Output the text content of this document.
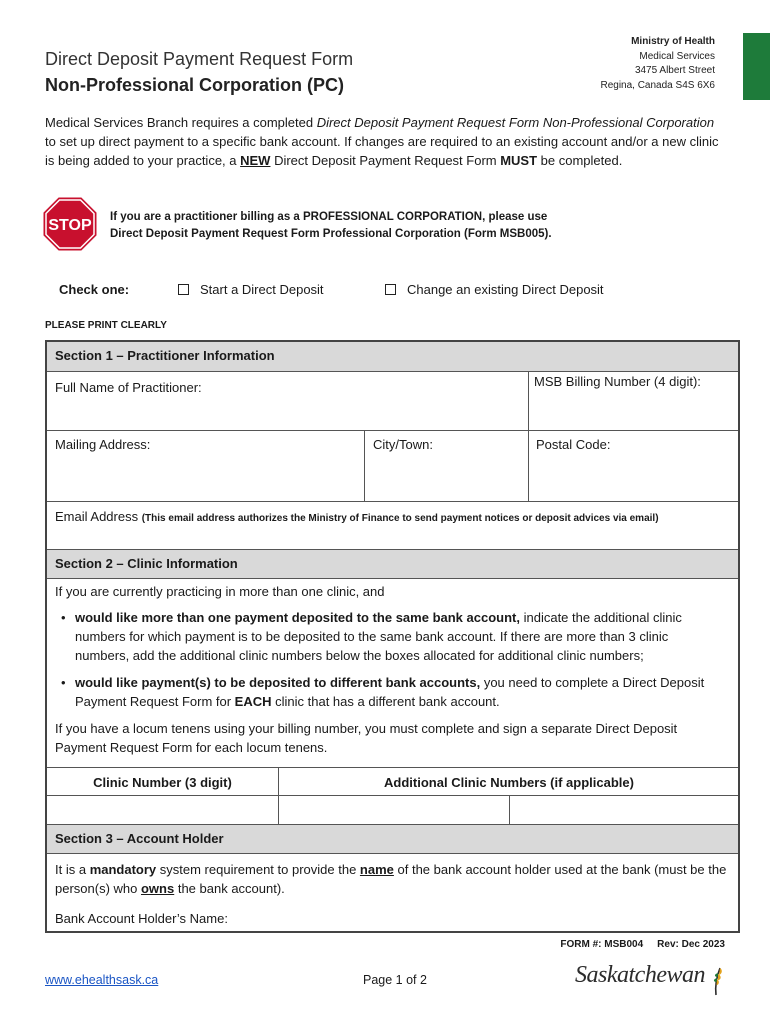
Direct Deposit Payment Request Form
Non-Professional Corporation (PC)
Ministry of Health
Medical Services
3475 Albert Street
Regina, Canada S4S 6X6
Medical Services Branch requires a completed Direct Deposit Payment Request Form Non-Professional Corporation to set up direct payment to a specific bank account. If changes are required to an existing account and/or a new clinic is being added to your practice, a NEW Direct Deposit Payment Request Form MUST be completed.
STOP If you are a practitioner billing as a PROFESSIONAL CORPORATION, please use
Direct Deposit Payment Request Form Professional Corporation (Form MSB005).
Check one:	Start a Direct Deposit	Change an existing Direct Deposit
PLEASE PRINT CLEARLY
Section 1 – Practitioner Information
Full Name of Practitioner:	MSB Billing Number (4 digit):
Mailing Address:	City/Town:	Postal Code:
Email Address (This email address authorizes the Ministry of Finance to send payment notices or deposit advices via email)
Section 2 – Clinic Information
If you are currently practicing in more than one clinic, and
• would like more than one payment deposited to the same bank account, indicate the additional clinic numbers for which payment is to be deposited to the same bank account. If there are more than 3 clinic numbers, add the additional clinic numbers below the boxes allocated for additional clinic numbers;
• would like payment(s) to be deposited to different bank accounts, you need to complete a Direct Deposit Payment Request Form for EACH clinic that has a different bank account.
If you have a locum tenens using your billing number, you must complete and sign a separate Direct Deposit Payment Request Form for each locum tenens.
Clinic Number (3 digit)	Additional Clinic Numbers (if applicable)
Section 3 – Account Holder
It is a mandatory system requirement to provide the name of the bank account holder used at the bank (must be the person(s) who owns the bank account).
Bank Account Holder’s Name:
FORM #: MSB004 Rev: Dec 2023
www.ehealthsask.ca	Page 1 of 2	Saskatchewan
